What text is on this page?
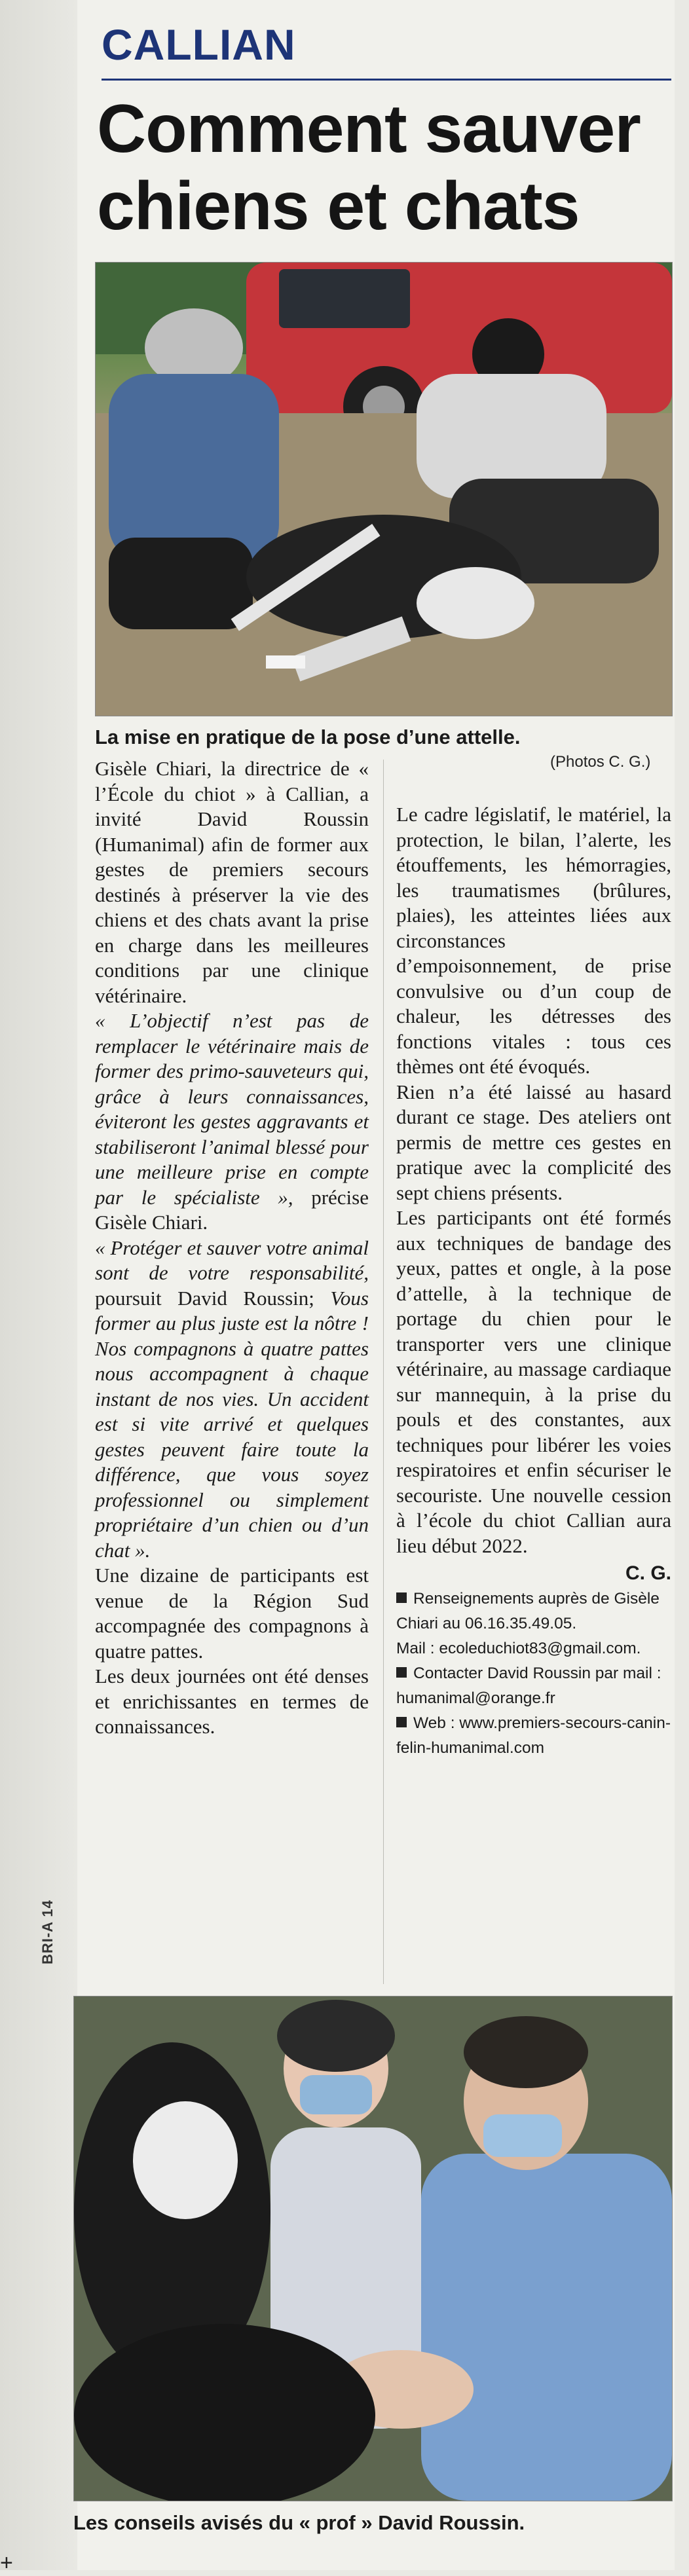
BRI-A 14
+
CALLIAN
Comment sauver chiens et chats
La mise en pratique de la pose d’une attelle.
(Photos C. G.)

Gisèle Chiari, la directrice de « l’École du chiot » à Callian, a invité David Roussin (Humanimal) afin de former aux gestes de premiers secours destinés à préserver la vie des chiens et des chats avant la prise en charge dans les meilleures conditions par une clinique vétérinaire.

« L’objectif n’est pas de remplacer le vétérinaire mais de former des primo-sauveteurs qui, grâce à leurs connaissances, éviteront les gestes aggravants et stabiliseront l’animal blessé pour une meilleure prise en compte par le spécialiste », précise Gisèle Chiari.

« Protéger et sauver votre animal sont de votre responsabilité, poursuit David Roussin; Vous former au plus juste est la nôtre ! Nos compagnons à quatre pattes nous accompagnent à chaque instant de nos vies. Un accident est si vite arrivé et quelques gestes peuvent faire toute la différence, que vous soyez professionnel ou simplement propriétaire d’un chien ou d’un chat ».

Une dizaine de participants est venue de la Région Sud accompagnée des compagnons à quatre pattes.

Les deux journées ont été denses et enrichissantes en termes de connaissances.

Le cadre législatif, le matériel, la protection, le bilan, l’alerte, les étouffements, les hémorragies, les traumatismes (brûlures, plaies), les atteintes liées aux circonstances d’empoisonnement, de prise convulsive ou d’un coup de chaleur, les détresses des fonctions vitales : tous ces thèmes ont été évoqués.

Rien n’a été laissé au hasard durant ce stage. Des ateliers ont permis de mettre ces gestes en pratique avec la complicité des sept chiens présents.

Les participants ont été formés aux techniques de bandage des yeux, pattes et ongle, à la pose d’attelle, à la technique de portage du chien pour le transporter vers une clinique vétérinaire, au massage cardiaque sur mannequin, à la prise du pouls et des constantes, aux techniques pour libérer les voies respiratoires et enfin sécuriser le secouriste. Une nouvelle cession à l’école du chiot Callian aura lieu début 2022.

C. G.
Renseignements auprès de Gisèle Chiari au 06.16.35.49.05.
Mail : ecoleduchiot83@gmail.com.
Contacter David Roussin par mail : humanimal@orange.fr
Web : www.premiers-secours-canin-felin-humanimal.com
Les conseils avisés du « prof » David Roussin.
